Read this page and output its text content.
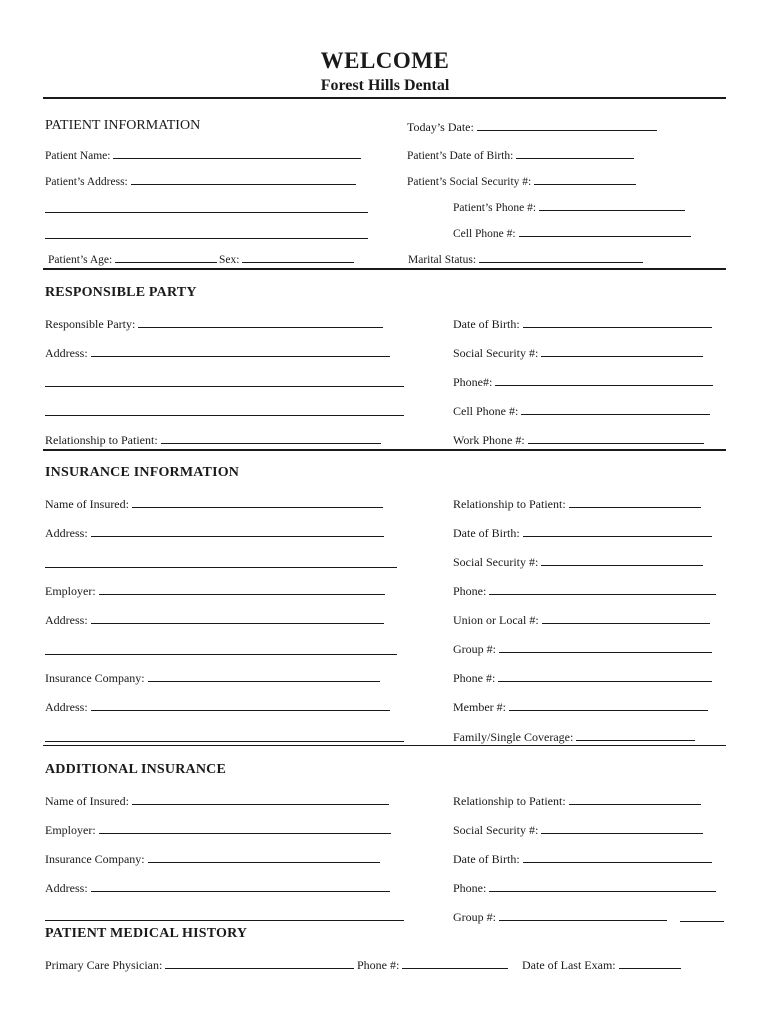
WELCOME
Forest Hills Dental
PATIENT INFORMATION	Today’s Date:
Patient Name:	Patient’s Date of Birth:
Patient’s Address:	Patient’s Social Security #:
Patient’s Phone #:
Cell Phone #:
Patient’s Age:	Sex:	Marital Status:
RESPONSIBLE PARTY
Responsible Party:	Date of Birth:
Address:	Social Security #:
Phone#:
Cell Phone #:
Relationship to Patient:	Work Phone #:
INSURANCE INFORMATION
Name of Insured:	Relationship to Patient:
Address:	Date of Birth:
Social Security #:
Employer:	Phone:
Address:	Union or Local #:
Group #:
Insurance Company:	Phone #:
Address:	Member #:
Family/Single Coverage:
ADDITIONAL INSURANCE
Name of Insured:	Relationship to Patient:
Employer:	Social Security #:
Insurance Company:	Date of Birth:
Address:	Phone:
Group #:
PATIENT MEDICAL HISTORY
Primary Care Physician:	Phone #:	Date of Last Exam:
